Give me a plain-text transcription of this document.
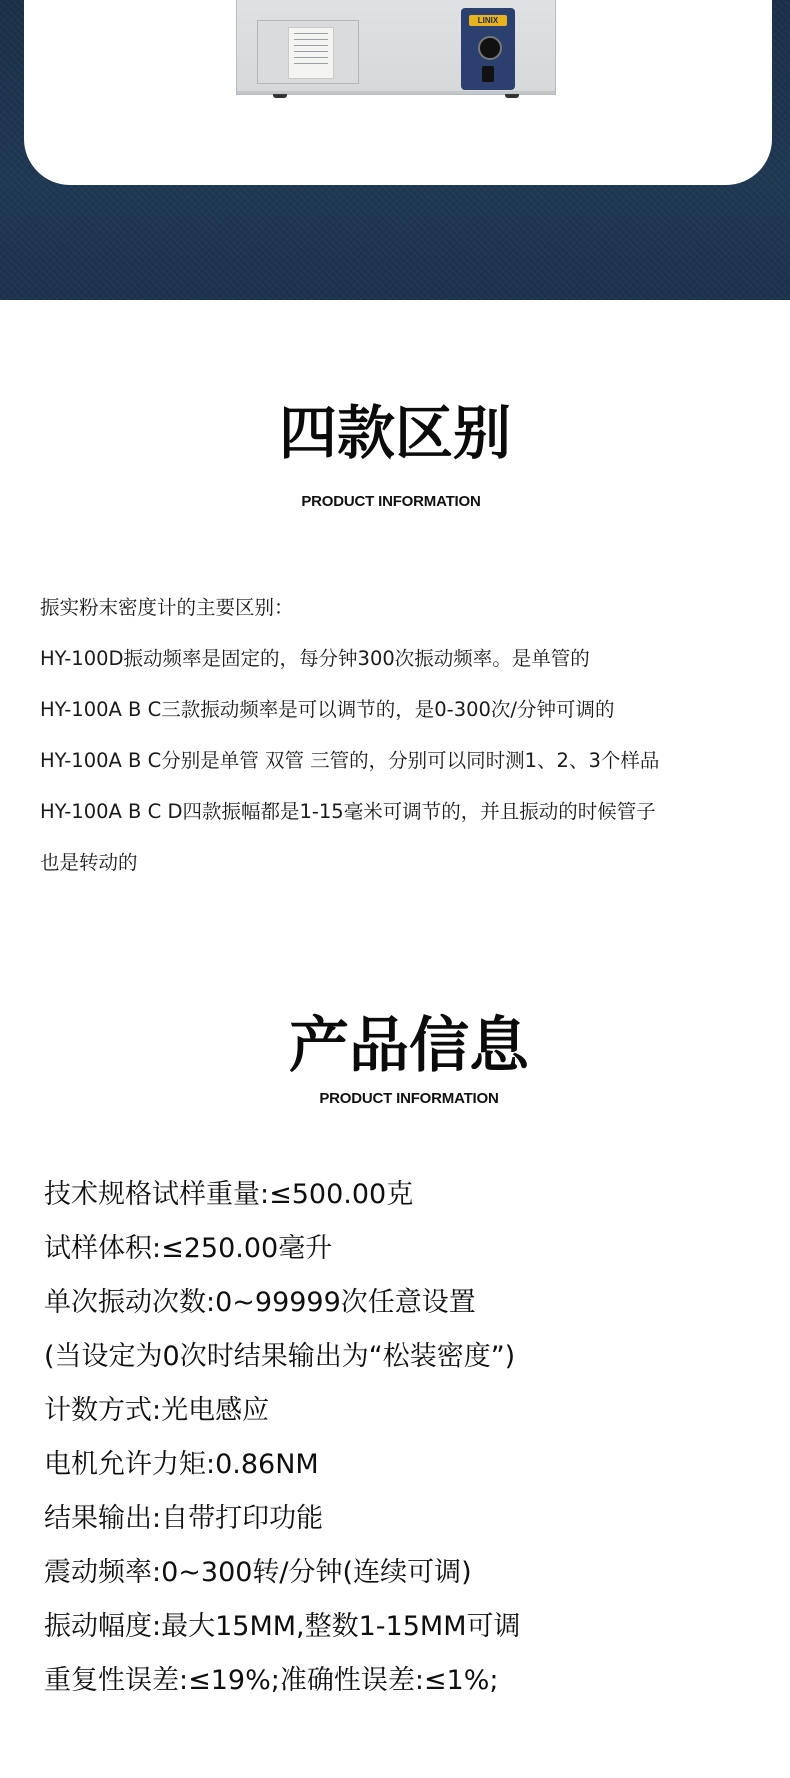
LINIX
四款区别
PRODUCT INFORMATION
振实粉末密度计的主要区别：
HY-100D振动频率是固定的，每分钟300次振动频率。是单管的
HY-100A B C三款振动频率是可以调节的，是0-300次/分钟可调的
HY-100A B C分别是单管 双管 三管的，分别可以同时测1、2、3个样品
HY-100A B C D四款振幅都是1-15毫米可调节的，并且振动的时候管子
也是转动的
产品信息
PRODUCT INFORMATION
技术规格试样重量:≤500.00克
试样体积:≤250.00毫升
单次振动次数:0~99999次任意设置
(当设定为0次时结果输出为“松装密度”)
计数方式:光电感应
电机允许力矩:0.86NM
结果输出:自带打印功能
震动频率:0~300转/分钟(连续可调)
振动幅度:最大15MM,整数1-15MM可调
重复性误差:≤19%;准确性误差:≤1%;
